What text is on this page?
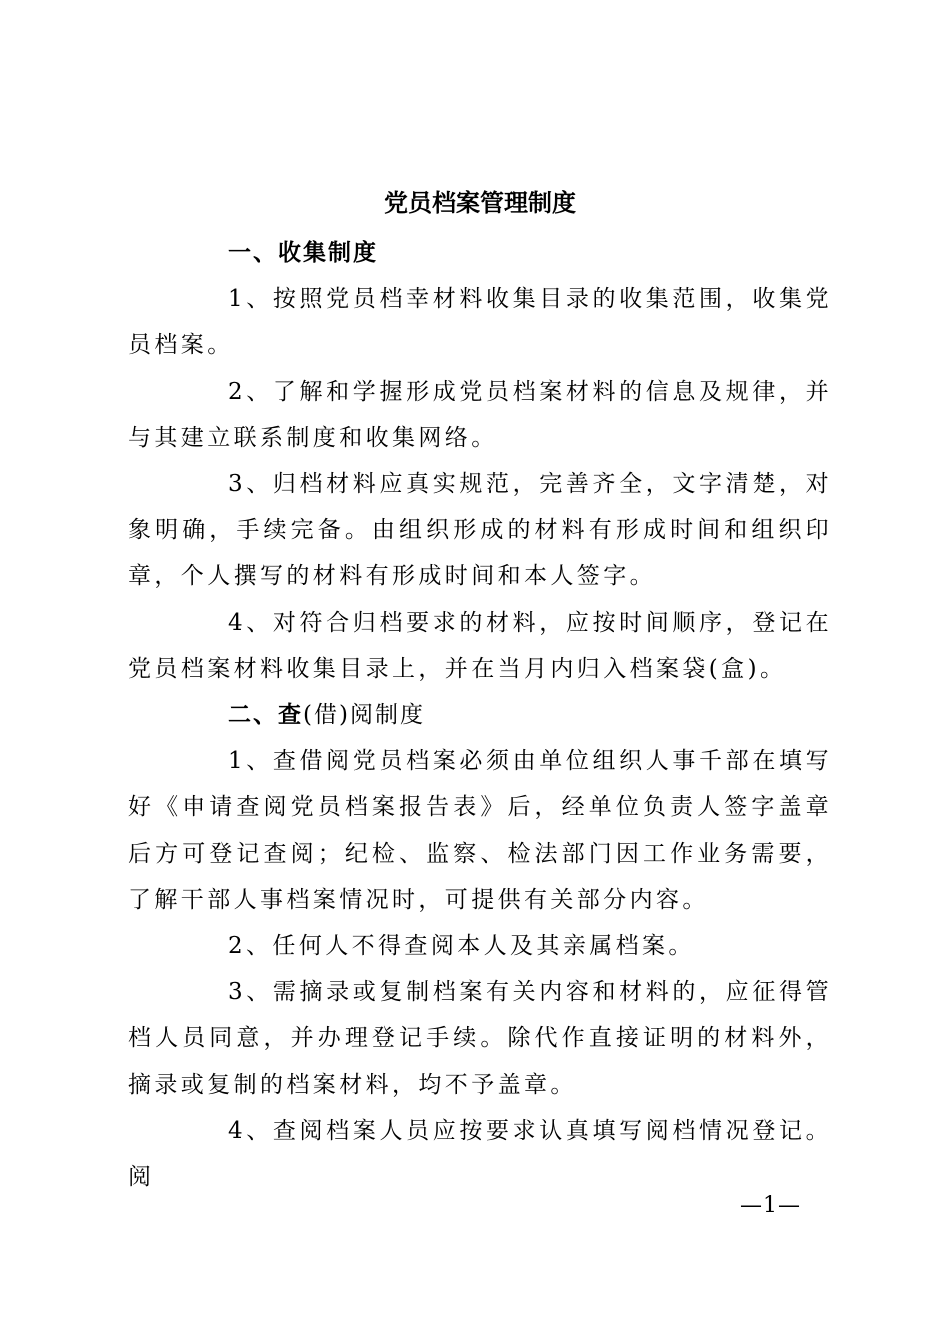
党员档案管理制度

一、收集制度

1、按照党员档幸材料收集目录的收集范围，收集党员档案。

2、了解和学握形成党员档案材料的信息及规律，并与其建立联系制度和收集网络。

3、归档材料应真实规范，完善齐全，文字清楚，对象明确，手续完备。由组织形成的材料有形成时间和组织印章，个人撰写的材料有形成时间和本人签字。

4、对符合归档要求的材料，应按时间顺序，登记在党员档案材料收集目录上，并在当月内归入档案袋(盒)。

二、查(借)阅制度

1、查借阅党员档案必须由单位组织人事千部在填写好《申请查阅党员档案报告表》后，经单位负责人签字盖章后方可登记查阅；纪检、监察、检法部门因工作业务需要，了解干部人事档案情况时，可提供有关部分内容。

2、任何人不得查阅本人及其亲属档案。

3、需摘录或复制档案有关内容和材料的，应征得管档人员同意，并办理登记手续。除代作直接证明的材料外，摘录或复制的档案材料，均不予盖章。

4、查阅档案人员应按要求认真填写阅档情况登记。阅

—1—
